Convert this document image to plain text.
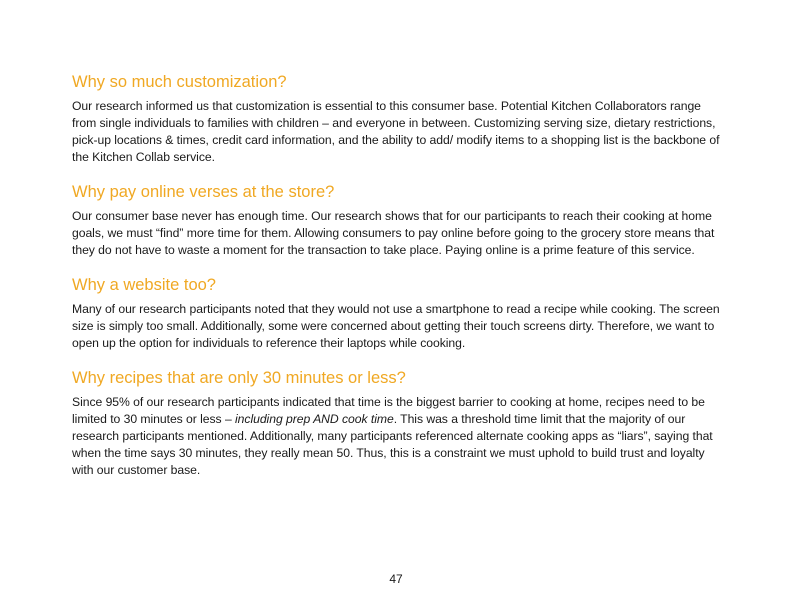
Why so much customization?

Our research informed us that customization is essential to this consumer base. Potential Kitchen Collaborators range from single individuals to families with children – and everyone in between. Customizing serving size, dietary restrictions, pick-up locations & times, credit card information, and the ability to add/ modify items to a shopping list is the backbone of the Kitchen Collab service.

Why pay online verses at the store?

Our consumer base never has enough time. Our research shows that for our participants to reach their cooking at home goals, we must “find” more time for them. Allowing consumers to pay online before going to the grocery store means that they do not have to waste a moment for the transaction to take place. Paying online is a prime feature of this service.

Why a website too?

Many of our research participants noted that they would not use a smartphone to read a recipe while cooking. The screen size is simply too small. Additionally, some were concerned about getting their touch screens dirty. Therefore, we want to open up the option for individuals to reference their laptops while cooking.

Why recipes that are only 30 minutes or less?

Since 95% of our research participants indicated that time is the biggest barrier to cooking at home, recipes need to be limited to 30 minutes or less – including prep AND cook time. This was a threshold time limit that the majority of our research participants mentioned. Additionally, many participants referenced alternate cooking apps as “liars”, saying that when the time says 30 minutes, they really mean 50. Thus, this is a constraint we must uphold to build trust and loyalty with our customer base.

47
